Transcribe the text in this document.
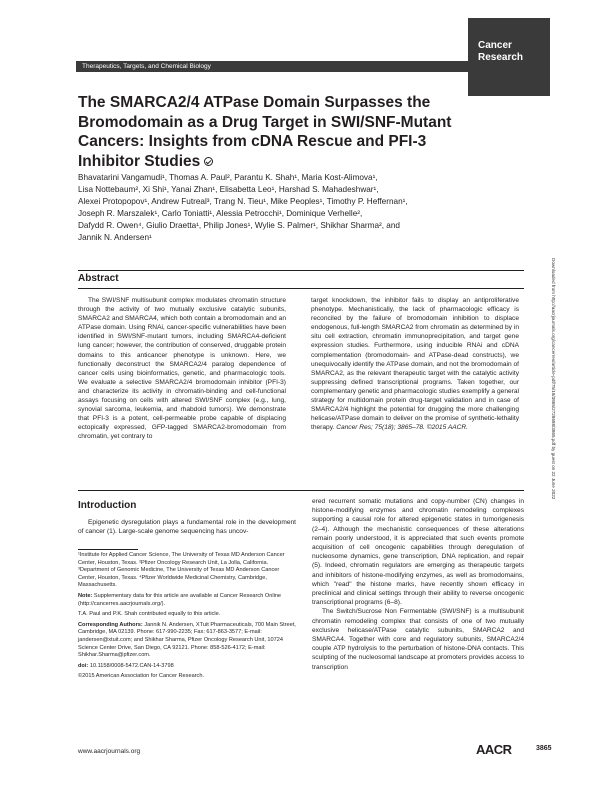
Cancer
Research
Therapeutics, Targets, and Chemical Biology
The SMARCA2/4 ATPase Domain Surpasses the Bromodomain as a Drug Target in SWI/SNF-Mutant Cancers: Insights from cDNA Rescue and PFI-3 Inhibitor Studies
Bhavatarini Vangamudi¹, Thomas A. Paul², Parantu K. Shah¹, Maria Kost-Alimova¹,
Lisa Nottebaum², Xi Shi¹, Yanai Zhan¹, Elisabetta Leo¹, Harshad S. Mahadeshwar¹,
Alexei Protopopov¹, Andrew Futreal³, Trang N. Tieu¹, Mike Peoples¹, Timothy P. Heffernan¹,
Joseph R. Marszalek¹, Carlo Toniatti¹, Alessia Petrocchi¹, Dominique Verhelle²,
Dafydd R. Owen⁴, Giulio Draetta¹, Philip Jones¹, Wylie S. Palmer¹, Shikhar Sharma², and
Jannik N. Andersen¹
Downloaded from http://aacrjournals.org/cancerres/article-pdf/75/18/3865/2728688/3865.pdf by guest on 22 June 2022
Abstract

The SWI/SNF multisubunit complex modulates chromatin structure through the activity of two mutually exclusive catalytic subunits, SMARCA2 and SMARCA4, which both contain a bromodomain and an ATPase domain. Using RNAi, cancer-specific vulnerabilities have been identified in SWI/SNF-mutant tumors, including SMARCA4-deficient lung cancer; however, the contribution of conserved, druggable protein domains to this anticancer phenotype is unknown. Here, we functionally deconstruct the SMARCA2/4 paralog dependence of cancer cells using bioinformatics, genetic, and pharmacologic tools. We evaluate a selective SMARCA2/4 bromodomain inhibitor (PFI-3) and characterize its activity in chromatin-binding and cell-functional assays focusing on cells with altered SWI/SNF complex (e.g., lung, synovial sarcoma, leukemia, and rhabdoid tumors). We demonstrate that PFI-3 is a potent, cell-permeable probe capable of displacing ectopically expressed, GFP-tagged SMARCA2-bromodomain from chromatin, yet contrary to

target knockdown, the inhibitor fails to display an antiproliferative phenotype. Mechanistically, the lack of pharmacologic efficacy is reconciled by the failure of bromodomain inhibition to displace endogenous, full-length SMARCA2 from chromatin as determined by in situ cell extraction, chromatin immunoprecipitation, and target gene expression studies. Furthermore, using inducible RNAi and cDNA complementation (bromodomain- and ATPase-dead constructs), we unequivocally identify the ATPase domain, and not the bromodomain of SMARCA2, as the relevant therapeutic target with the catalytic activity suppressing defined transcriptional programs. Taken together, our complementary genetic and pharmacologic studies exemplify a general strategy for multidomain protein drug-target validation and in case of SMARCA2/4 highlight the potential for drugging the more challenging helicase/ATPase domain to deliver on the promise of synthetic-lethality therapy. Cancer Res; 75(18); 3865–78. ©2015 AACR.

Introduction

Epigenetic dysregulation plays a fundamental role in the development of cancer (1). Large-scale genome sequencing has uncov-

¹Institute for Applied Cancer Science, The University of Texas MD Anderson Cancer Center, Houston, Texas. ²Pfizer Oncology Research Unit, La Jolla, California. ³Department of Genomic Medicine, The University of Texas MD Anderson Cancer Center, Houston, Texas. ⁴Pfizer Worldwide Medicinal Chemistry, Cambridge, Massachusetts.

Note: Supplementary data for this article are available at Cancer Research Online (http://cancerres.aacrjournals.org/).

T.A. Paul and P.K. Shah contributed equally to this article.

Corresponding Authors: Jannik N. Andersen, XTuit Pharmaceuticals, 700 Main Street, Cambridge, MA 02139. Phone: 617-990-2235; Fax: 617-863-3577; E-mail: jandersen@xtuit.com; and Shikhar Sharma, Pfizer Oncology Research Unit, 10724 Science Center Drive, San Diego, CA 92121. Phone: 858-526-4172; E-mail: Shikhar.Sharma@pfizer.com.

doi: 10.1158/0008-5472.CAN-14-3798

©2015 American Association for Cancer Research.

ered recurrent somatic mutations and copy-number (CN) changes in histone-modifying enzymes and chromatin remodeling complexes supporting a causal role for altered epigenetic states in tumorigenesis (2–4). Although the mechanistic consequences of these alterations remain poorly understood, it is appreciated that such events promote acquisition of cell oncogenic capabilities through deregulation of nucleosome dynamics, gene transcription, DNA replication, and repair (5). Indeed, chromatin regulators are emerging as therapeutic targets and inhibitors of histone-modifying enzymes, as well as bromodomains, which "read" the histone marks, have recently shown efficacy in preclinical and clinical settings through their ability to reverse oncogenic transcriptional programs (6–8).

The Switch/Sucrose Non Fermentable (SWI/SNF) is a multisubunit chromatin remodeling complex that consists of one of two mutually exclusive helicase/ATPase catalytic subunits, SMARCA2 and SMARCA4. Together with core and regulatory subunits, SMARCA2/4 couple ATP hydrolysis to the perturbation of histone-DNA contacts. This sculpting of the nucleosomal landscape at promoters provides access to transcription

www.aacrjournals.org	AACR	3865
